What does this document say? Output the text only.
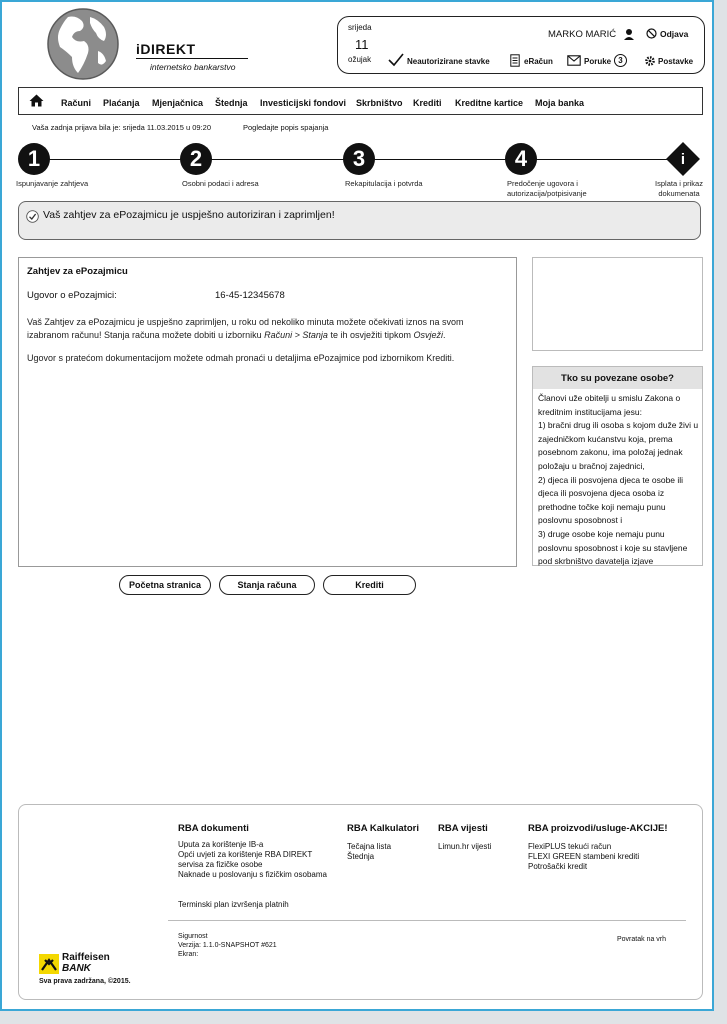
iDIREKT
internetsko bankarstvo
srijeda
11
ožujak
MARKO MARIĆ	Odjava
Neautorizirane stavke	eRačun	Poruke 3	Postavke
Računi Plaćanja Mjenjačnica Štednja Investicijski fondovi Skrbništvo Krediti Kreditne kartice Moja banka
Vaša zadnja prijava bila je: srijeda 11.03.2015 u 09:20	Pogledajte popis spajanja
1	2	3	4	i
Ispunjavanje zahtjeva	Osobni podaci i adresa	Rekapitulacija i potvrda	Predočenje ugovora i autorizacija/potpisivanje
Isplata i prikaz dokumenata
Vaš zahtjev za ePozajmicu je uspješno autoriziran i zaprimljen!
Zahtjev za ePozajmicu
Ugovor o ePozajmici:	16-45-12345678
Vaš Zahtjev za ePozajmicu je uspješno zaprimljen, u roku od nekoliko minuta možete očekivati iznos na svom izabranom računu! Stanja računa možete dobiti u izborniku Računi > Stanja te ih osvježiti tipkom Osvježi.
Ugovor s pratećom dokumentacijom možete odmah pronaći u detaljima ePozajmice pod izbornikom Krediti.
Tko su povezane osobe?
Članovi uže obitelji u smislu Zakona o
kreditnim institucijama jesu:
1) bračni drug ili osoba s kojom duže živi u
zajedničkom kućanstvu koja, prema
posebnom zakonu, ima položaj jednak
položaju u bračnoj zajednici,
2) djeca ili posvojena djeca te osobe ili
djeca ili posvojena djeca osoba iz
prethodne točke koji nemaju punu
poslovnu sposobnost i
3) druge osobe koje nemaju punu
poslovnu sposobnost i koje su stavljene
pod skrbništvo davatelja izjave
Početna stranica	Stanja računa	Krediti
RBA dokumenti
Uputa za korištenje IB-a
Opći uvjeti za korištenje RBA DIREKT servisa za fizičke osobe
Naknade u poslovanju s fizičkim osobama
Terminski plan izvršenja platnih
RBA Kalkulatori
Tečajna lista
Štednja
RBA vijesti
Limun.hr vijesti
RBA proizvodi/usluge-AKCIJE!
FlexiPLUS tekući račun
FLEXI GREEN stambeni krediti
Potrošački kredit
Sigurnost
Verzija: 1.1.0-SNAPSHOT #621
Ekran:
Povratak na vrh
Raiffeisen
BANK
Sva prava zadržana, ©2015.
